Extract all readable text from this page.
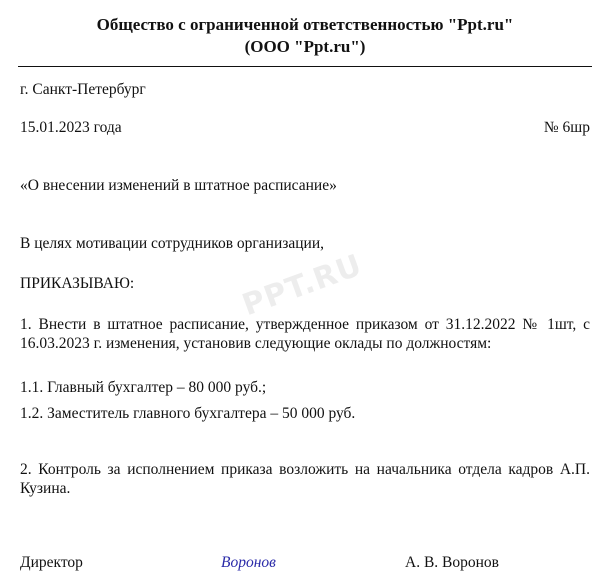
Общество с ограниченной ответственностью "Ppt.ru"
(ООО "Ppt.ru")
г. Санкт-Петербург
15.01.2023 года	№ 6шр
«О внесении изменений в штатное расписание»
В целях мотивации сотрудников организации,
PPT.RU
ПРИКАЗЫВАЮ:
1. Внести в штатное расписание, утвержденное приказом от 31.12.2022 № 1шт, с 16.03.2023 г. изменения, установив следующие оклады по должностям:
1.1. Главный бухгалтер – 80 000 руб.;
1.2. Заместитель главного бухгалтера – 50 000 руб.
2. Контроль за исполнением приказа возложить на начальника отдела кадров А.П. Кузина.
Директор	Воронов	А. В. Воронов
